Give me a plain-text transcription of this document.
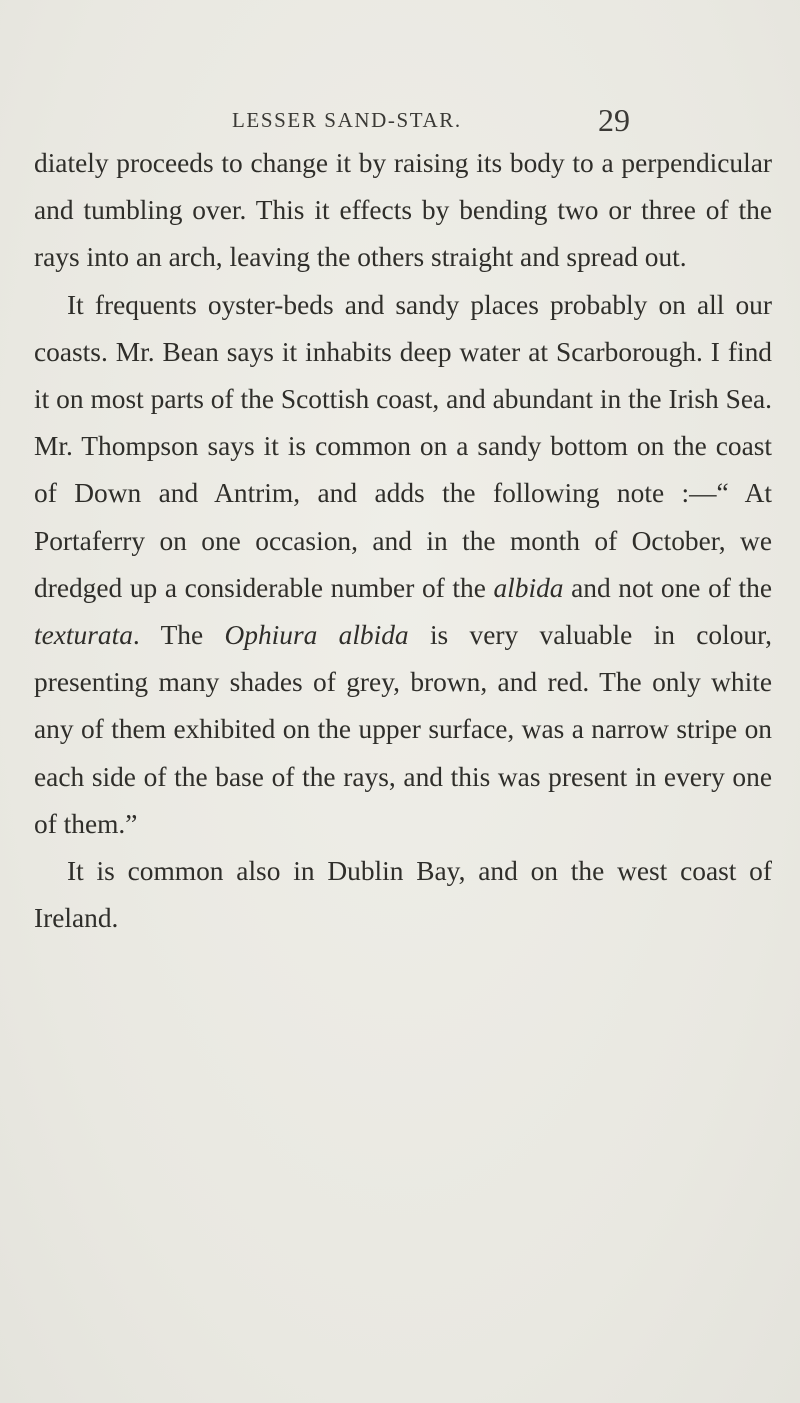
LESSER SAND-STAR.	29

diately proceeds to change it by raising its body to a perpendicular and tumbling over. This it effects by bending two or three of the rays into an arch, leaving the others straight and spread out.

It frequents oyster-beds and sandy places probably on all our coasts. Mr. Bean says it inhabits deep water at Scarborough. I find it on most parts of the Scottish coast, and abundant in the Irish Sea. Mr. Thompson says it is common on a sandy bottom on the coast of Down and Antrim, and adds the following note :—“ At Portaferry on one occasion, and in the month of October, we dredged up a considerable number of the albida and not one of the texturata. The Ophiura albida is very valuable in colour, presenting many shades of grey, brown, and red. The only white any of them exhibited on the upper surface, was a narrow stripe on each side of the base of the rays, and this was present in every one of them.”

It is common also in Dublin Bay, and on the west coast of Ireland.
